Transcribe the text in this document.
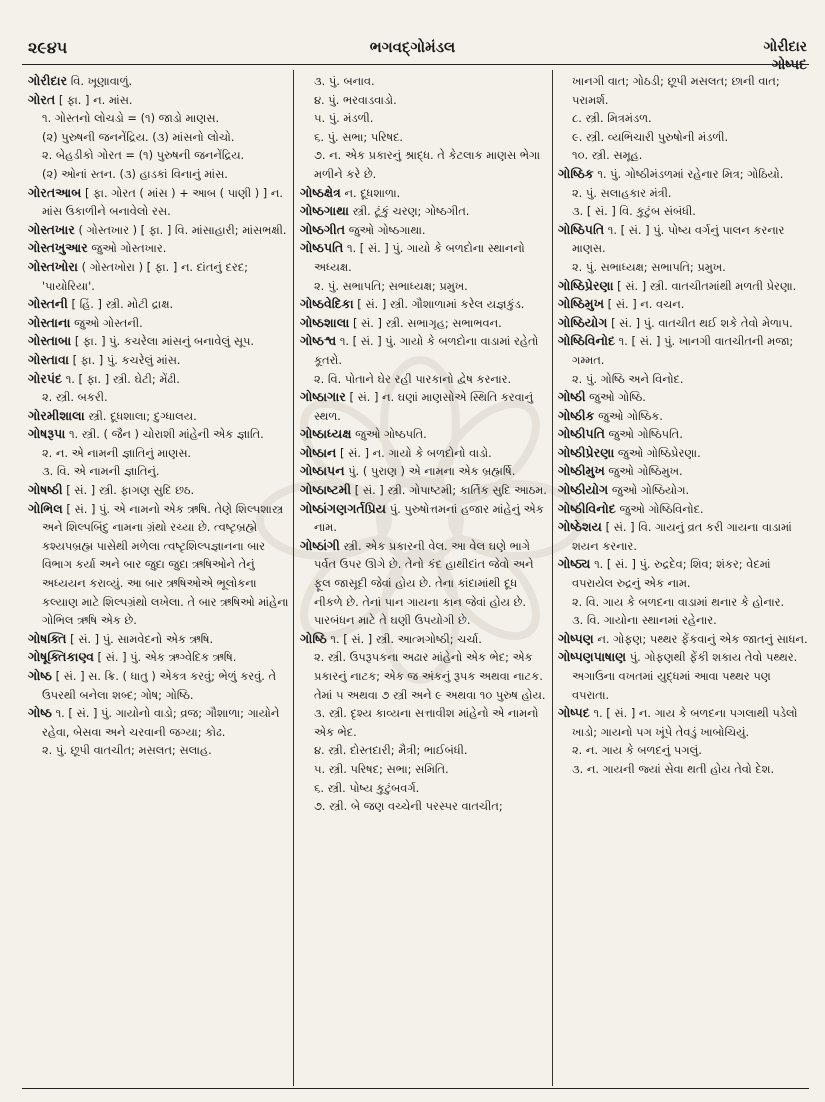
૨૯૪૫	ભગવદ્ગોમંડલ	ગોરીદાર
ગોષ્પદ

ગોરીદાર વિ. ખૂણાવાળું.

ગોરત [ ફા. ] ન. માંસ.

૧. ગોસ્તનો લોચડો = (૧) જાડો માણસ.

(૨) પુરુષની જનનેંદ્રિય. (૩) માંસનો લોચો.

૨. બેહડીકો ગોરત = (૧) પુરુષની જનનેંદ્રિય.

(૨) ઓનાં સ્તન. (૩) હાડકાં વિનાનું માંસ.

ગોરતઆબ [ ફા. ગોરત ( માંસ ) + આબ ( પાણી ) ] ન. માંસ ઉકાળીને બનાવેલો રસ.

ગોસ્તખાર ( ગોસ્તખાર ) [ ફા. ] વિ. માંસાહારી; માંસભક્ષી.

ગોસ્તખુઆર જુઓ ગોસ્તખાર.

ગોસ્તખોરા ( ગોસ્તખોરા ) [ ફા. ] ન. દાંતનું દરદ; 'પાયોરિયા'.

ગોસ્તની [ હિં. ] સ્ત્રી. મોટી દ્રાક્ષ.

ગોસ્તાના જુઓ ગોસ્તની.

ગોસ્તાબા [ ફા. ] પું. કચરેલા માંસનું બનાવેલું સૂપ.

ગોસ્તાવા [ ફા. ] પું. કચરેલું માંસ.

ગોરપંદ ૧. [ ફા. ] સ્ત્રી. ઘેટી; મેંઢી.

૨. સ્ત્રી. બકરી.

ગોરમીશાલા સ્ત્રી. દૂધશાલા; દુગ્ધાલય.

ગોષરૂપા ૧. સ્ત્રી. ( જૈન ) ચોરાશી માંહેની એક જ્ઞાતિ.

૨. ન. એ નામની જ્ઞાતિનું માણસ.

૩. વિ. એ નામની જ્ઞાતિનું.

ગોષષ્ઠી [ સં. ] સ્ત્રી. ફાગણ સુદિ છઠ.

ગોભિલ [ સં. ] પું. એ નામનો એક ઋષિ. તેણે શિલ્પશાસ્ત્ર અને શિલ્પબિંદુ નામના ગ્રંથો રચ્યા છે. ત્વષ્ટૃબ્રહ્મે કશ્યપબ્રહ્મ પાસેથી મળેલા ત્વષ્ટૃશિલ્પજ્ઞાનના બાર વિભાગ કર્યા અને બાર જુદા જુદા ઋષિઓને તેનું અધ્યયન કરાવ્યું. આ બાર ઋષિઓએ ભૂલોકના કલ્યાણ માટે શિલ્પગ્રંથો લખેલા. તે બાર ઋષિઓ માંહેના ગોભિલ ઋષિ એક છે.

ગોષક્તિ [ સં. ] પું. સામવેદનો એક ઋષિ.

ગોષૂક્તિકાણ્વ [ સં. ] પું. એક ઋગ્વેદિક ઋષિ.

ગોષ્ઠ [ સં. ] સ. ક્રિ. ( ધાતુ ) એકત્ર કરવું; ભેળું કરવું. તે ઉપરથી બનેલા શબ્દ; ગોષ; ગોષ્ઠિ.

ગોષ્ઠ ૧. [ સં. ] પું. ગાયોનો વાડો; વ્રજ; ગૌશાળા; ગાયોને રહેવા, બેસવા અને ચરવાની જગ્યા; કોઢ.

૨. પું. છૂપી વાતચીત; મસલત; સલાહ.

૩. પું. બનાવ.

૪. પું. ભરવાડવાડો.

૫. પું. મંડળી.

૬. પું. સભા; પરિષદ.

૭. ન. એક પ્રકારનું શ્રાદ્ધ. તે કેટલાક માણસ ભેગા મળીને કરે છે.

ગોષ્ઠક્ષેત્ર ન. દૂધશાળા.

ગોષ્ઠગાથા સ્ત્રી. ટૂંકું ચરણ; ગોષ્ઠગીત.

ગોષ્ઠગીત જુઓ ગોષ્ઠગાથા.

ગોષ્ઠપતિ ૧. [ સં. ] પું. ગાયો કે બળદોના સ્થાનનો અધ્યક્ષ.

૨. પું. સભાપતિ; સભાધ્યક્ષ; પ્રમુખ.

ગોષ્ઠવેદિકા [ સં. ] સ્ત્રી. ગૌશાળામાં કરેલ યજ્ઞકુંડ.

ગોષ્ઠશાલા [ સં. ] સ્ત્રી. સભાગૃહ; સભાભવન.

ગોષ્ઠશ્વ ૧. [ સં. ] પું. ગાયો કે બળદોના વાડામાં રહેતો કૂતરો.

૨. વિ. પોતાને ઘેર રહી પારકાનો દ્વેષ કરનાર.

ગોષ્ઠાગાર [ સં. ] ન. ઘણાં માણસોએ સ્થિતિ કરવાનું સ્થળ.

ગોષ્ઠાધ્યક્ષ જુઓ ગોષ્ઠપતિ.

ગોષ્ઠાન [ સં. ] ન. ગાયો કે બળદોનો વાડો.

ગોષ્ઠાપન પું. ( પુરાણ ) એ નામના એક બ્રહ્મર્ષિ.

ગોષ્ઠાષ્ટમી [ સં. ] સ્ત્રી. ગોપાષ્ટમી; કાર્તિક સુદિ આઠમ.

ગોષ્ઠાંગણગર્તપ્રિય પું. પુરુષોત્તમનાં હજાર માંહેનું એક નામ.

ગોષ્ઠાંગી સ્ત્રી. એક પ્રકારની વેલ. આ વેલ ઘણે ભાગે પર્વત ઉપર ઊગે છે. તેનો કંદ હાથીદાંત જેવો અને ફૂલ જાસૂદી જેવાં હોય છે. તેના કાંદામાંથી દૂધ નીકળે છે. તેનાં પાન ગાયના કાન જેવાં હોય છે. પારબંધન માટે તે ઘણી ઉપયોગી છે.

ગોષ્ઠિ ૧. [ સં. ] સ્ત્રી. આત્મગોષ્ઠી; ચર્ચા.

૨. સ્ત્રી. ઉપરૂપકના અઢાર માંહેનો એક ભેદ; એક પ્રકારનું નાટક; એક જ અંકનું રૂપક અથવા નાટક. તેમાં ૫ અથવા ૭ સ્ત્રી અને ૯ અથવા ૧૦ પુરુષ હોય.

૩. સ્ત્રી. દૃશ્ય કાવ્યના સત્તાવીશ માંહેનો એ નામનો એક ભેદ.

૪. સ્ત્રી. દોસ્તદારી; મૈત્રી; ભાઈબંધી.

૫. સ્ત્રી. પરિષદ; સભા; સમિતિ.

૬. સ્ત્રી. પોષ્ય કુટુંબવર્ગ.

૭. સ્ત્રી. બે જણ વચ્ચેની પરસ્પર વાતચીત;

ખાનગી વાત; ગોઠડી; છૂપી મસલત; છાની વાત; પરામર્શ.

૮. સ્ત્રી. મિત્રમંડળ.

૯. સ્ત્રી. વ્યભિચારી પુરુષોની મંડળી.

૧૦. સ્ત્રી. સમૂહ.

ગોષ્ઠિક ૧. પું. ગોષ્ઠીમંડળમાં રહેનાર મિત્ર; ગોઠિયો.

૨. પું. સલાહકાર મંત્રી.

૩. [ સં. ] વિ. કુટુંબ સંબંધી.

ગોષ્ઠિપતિ ૧. [ સં. ] પું. પોષ્ય વર્ગનું પાલન કરનાર માણસ.

૨. પું. સભાધ્યક્ષ; સભાપતિ; પ્રમુખ.

ગોષ્ઠિપ્રેરણા [ સં. ] સ્ત્રી. વાતચીતમાંથી મળતી પ્રેરણા.

ગોષ્ઠિમુખ [ સં. ] ન. વચન.

ગોષ્ઠિયોગ [ સં. ] પું. વાતચીત થઈ શકે તેવો મેળાપ.

ગોષ્ઠિવિનોદ ૧. [ સં. ] પું. ખાનગી વાતચીતની મજા; ગમ્મત.

૨. પું. ગોષ્ઠિ અને વિનોદ.

ગોષ્ઠી જુઓ ગોષ્ઠિ.

ગોષ્ઠીક જુઓ ગોષ્ઠિક.

ગોષ્ઠીપતિ જુઓ ગોષ્ઠિપતિ.

ગોષ્ઠીપ્રેરણા જુઓ ગોષ્ઠિપ્રેરણા.

ગોષ્ઠીમુખ જુઓ ગોષ્ઠિમુખ.

ગોષ્ઠીયોગ જુઓ ગોષ્ઠિયોગ.

ગોષ્ઠીવિનોદ જુઓ ગોષ્ઠિવિનોદ.

ગોષ્ઠેશય [ સં. ] વિ. ગાયનું વ્રત કરી ગાયના વાડામાં શયન કરનાર.

ગોષ્ઠ્ય ૧. [ સં. ] પું. રુદ્રદેવ; શિવ; શંકર; વેદમાં વપરાયેલ રુદ્રનું એક નામ.

૨. વિ. ગાય કે બળદના વાડામાં થનાર કે હોનાર.

૩. વિ. ગાયોના સ્થાનમાં રહેનાર.

ગોષ્પણ ન. ગોફણ; પથ્થર ફેંકવાનું એક જાતનું સાધન.

ગોષ્પણપાષાણ પું. ગોફણથી ફેંકી શકાય તેવો પથ્થર. અગાઉના વખતમાં યુદ્ધમાં આવા પથ્થર પણ વપરાતા.

ગોષ્પદ ૧. [ સં. ] ન. ગાય કે બળદના પગલાથી પડેલો ખાડો; ગાયનો પગ ખૂંપે તેવડું ખાબોચિયું.

૨. ન. ગાય કે બળદનું પગલું.

૩. ન. ગાયની જ્યાં સેવા થતી હોય તેવો દેશ.
